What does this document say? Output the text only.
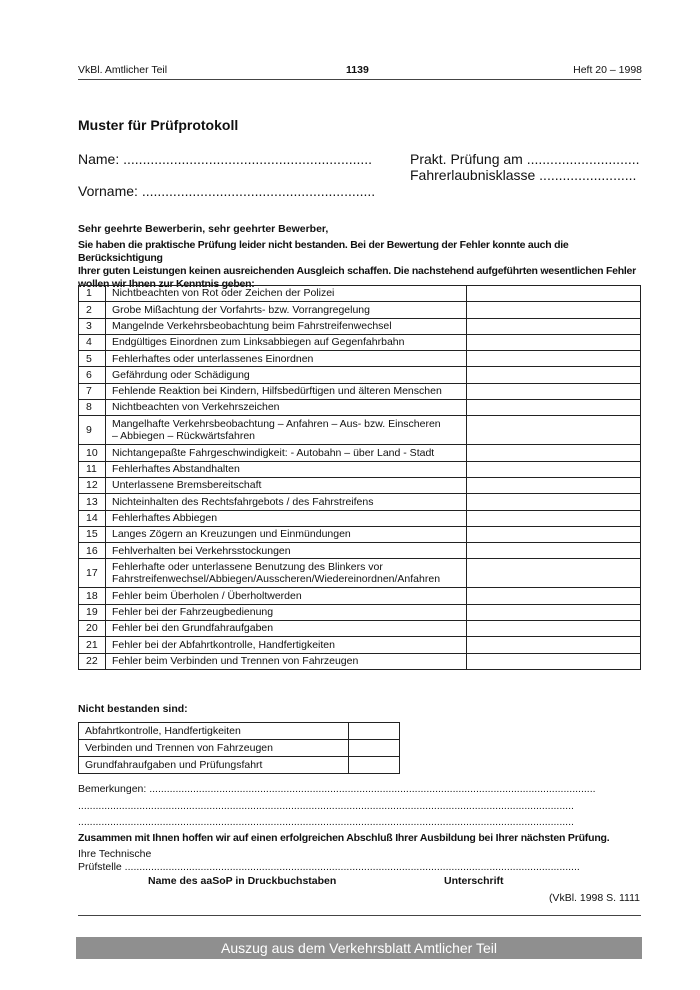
VkBl. Amtlicher Teil	1139	Heft 20 – 1998
Muster für Prüfprotokoll
Name: ................................................................
Vorname: ............................................................
Prakt. Prüfung am .............................
Fahrerlaubnisklasse .........................
Sehr geehrte Bewerberin, sehr geehrter Bewerber,
Sie haben die praktische Prüfung leider nicht bestanden. Bei der Bewertung der Fehler konnte auch die Berücksichtigung
Ihrer guten Leistungen keinen ausreichenden Ausgleich schaffen. Die nachstehend aufgeführten wesentlichen Fehler
wollen wir Ihnen zur Kenntnis geben:
1	Nichtbeachten von Rot oder Zeichen der Polizei	

2	Grobe Mißachtung der Vorfahrts- bzw. Vorrangregelung	

3	Mangelnde Verkehrsbeobachtung beim Fahrstreifenwechsel	

4	Endgültiges Einordnen zum Linksabbiegen auf Gegenfahrbahn	

5	Fehlerhaftes oder unterlassenes Einordnen	

6	Gefährdung oder Schädigung	

7	Fehlende Reaktion bei Kindern, Hilfsbedürftigen und älteren Menschen	

8	Nichtbeachten von Verkehrszeichen	

9	Mangelhafte Verkehrsbeobachtung – Anfahren – Aus- bzw. Einscheren
– Abbiegen – Rückwärtsfahren	

10	Nichtangepaßte Fahrgeschwindigkeit: - Autobahn – über Land - Stadt	

11	Fehlerhaftes Abstandhalten	

12	Unterlassene Bremsbereitschaft	

13	Nichteinhalten des Rechtsfahrgebots / des Fahrstreifens	

14	Fehlerhaftes Abbiegen	

15	Langes Zögern an Kreuzungen und Einmündungen	

16	Fehlverhalten bei Verkehrsstockungen	

17	Fehlerhafte oder unterlassene Benutzung des Blinkers vor
Fahrstreifenwechsel/Abbiegen/Ausscheren/Wiedereinordnen/Anfahren	

18	Fehler beim Überholen / Überholtwerden	

19	Fehler bei der Fahrzeugbedienung	

20	Fehler bei den Grundfahraufgaben	

21	Fehler bei der Abfahrtkontrolle, Handfertigkeiten	

22	Fehler beim Verbinden und Trennen von Fahrzeugen	

Nicht bestanden sind:
Abfahrtkontrolle, Handfertigkeiten	
Verbinden und Trennen von Fahrzeugen	
Grundfahraufgaben und Prüfungsfahrt	
Bemerkungen: .........................................................................................................................................................
..........................................................................................................................................................................
..........................................................................................................................................................................
Zusammen mit Ihnen hoffen wir auf einen erfolgreichen Abschluß Ihrer Ausbildung bei Ihrer nächsten Prüfung.
Ihre Technische
Prüfstelle ............................................................................................................................................................
Name des aaSoP in Druckbuchstaben	Unterschrift
(VkBl. 1998 S. 1111
Auszug aus dem Verkehrsblatt Amtlicher Teil
